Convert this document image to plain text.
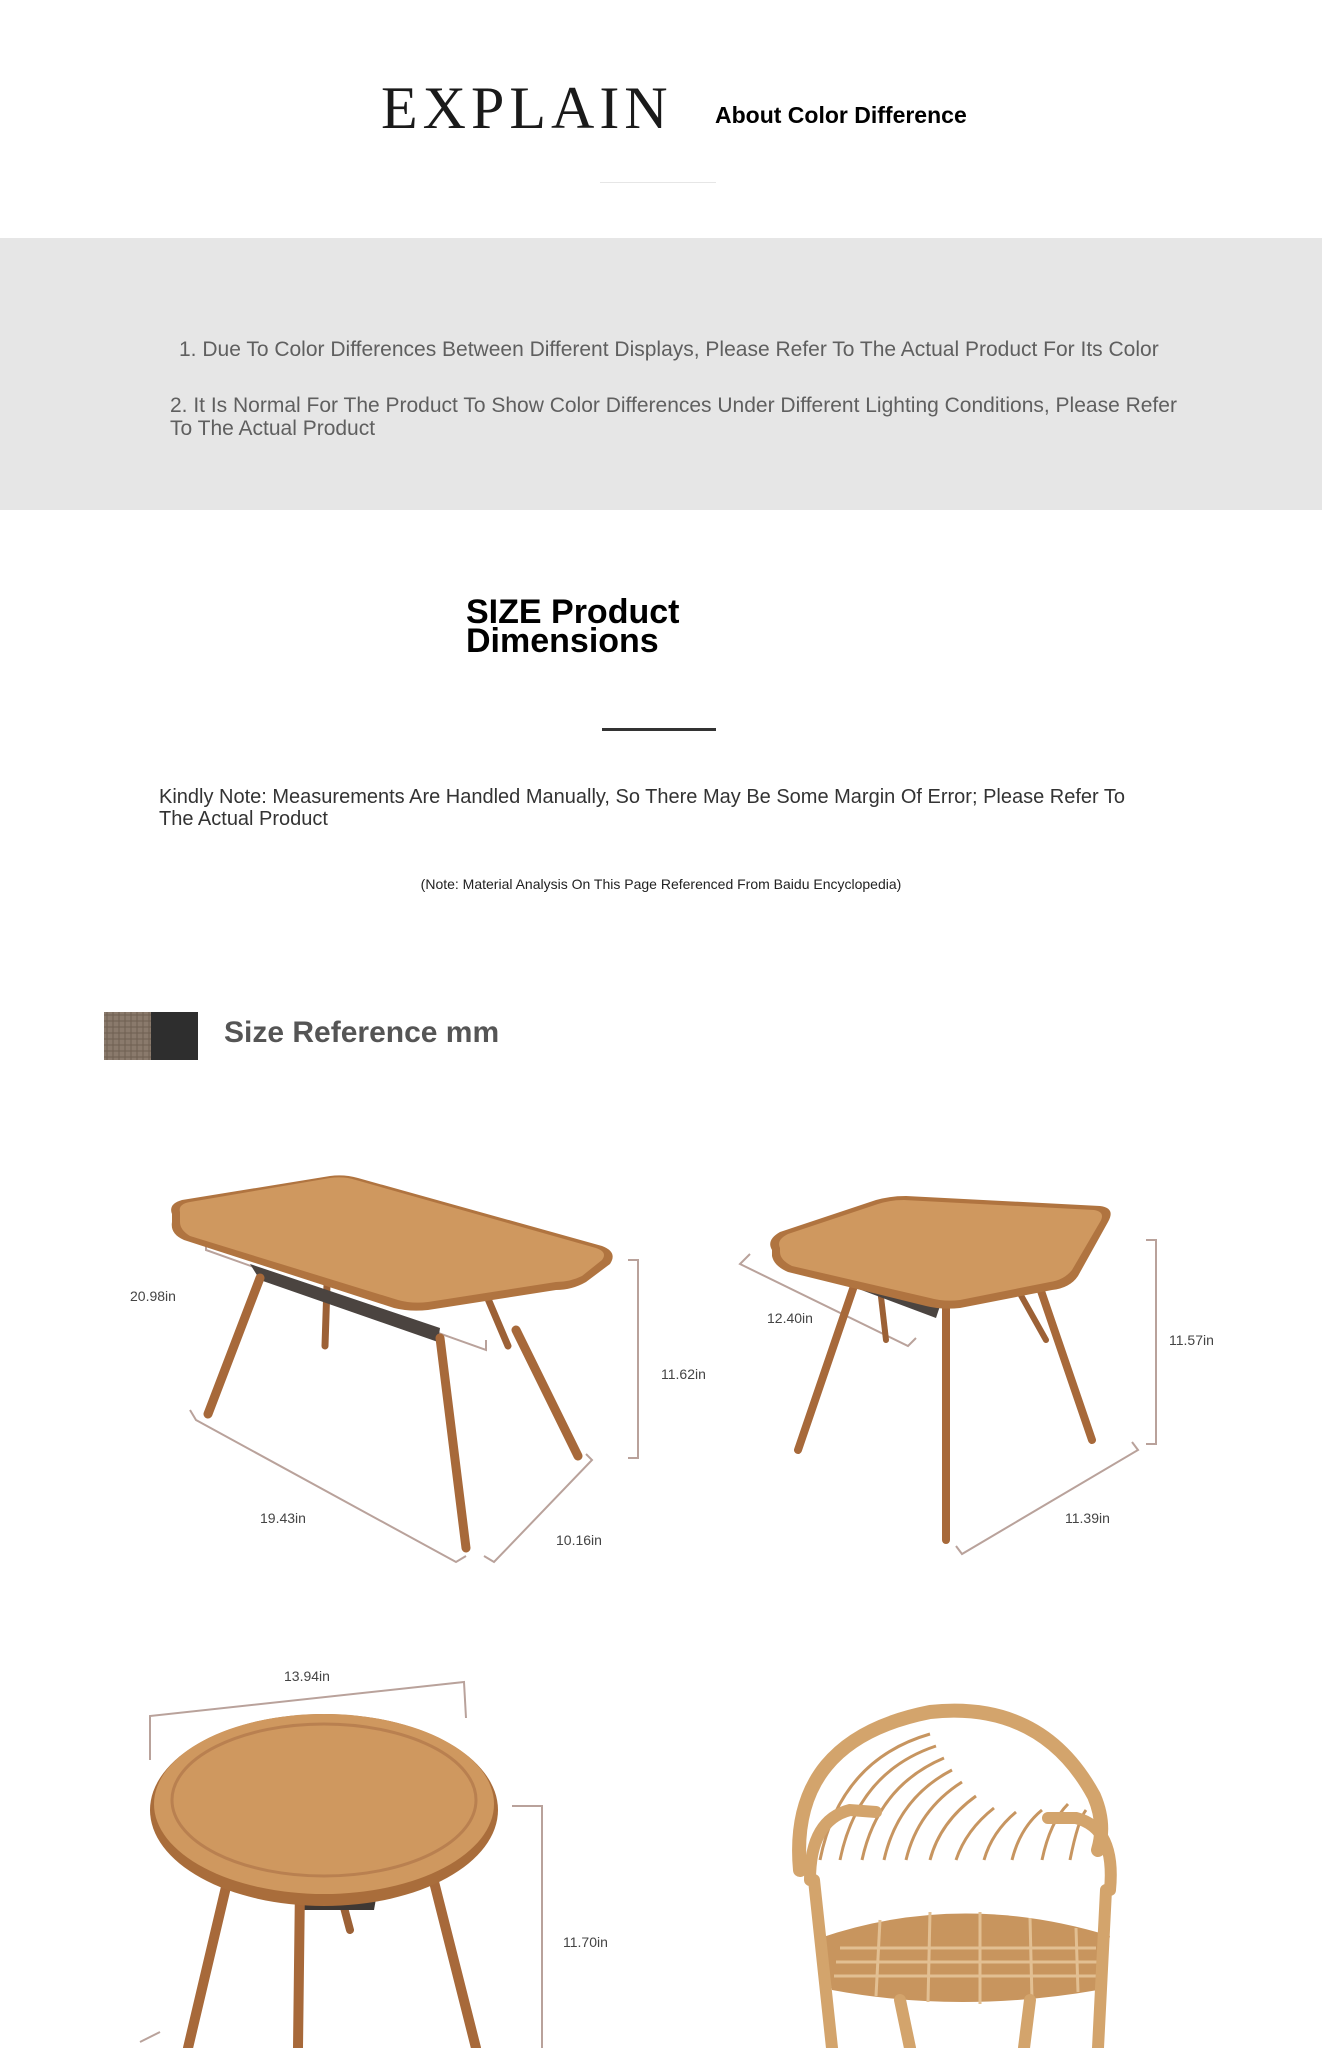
EXPLAIN About Color Difference
1. Due To Color Differences Between Different Displays, Please Refer To The Actual Product For Its Color
2. It Is Normal For The Product To Show Color Differences Under Different Lighting Conditions, Please Refer To The Actual Product
SIZE Product Dimensions
Kindly Note: Measurements Are Handled Manually, So There May Be Some Margin Of Error; Please Refer To The Actual Product
(Note: Material Analysis On This Page Referenced From Baidu Encyclopedia)
Size Reference mm
20.98in
11.62in
19.43in
10.16in
12.40in
11.57in
11.39in
13.94in
11.70in
